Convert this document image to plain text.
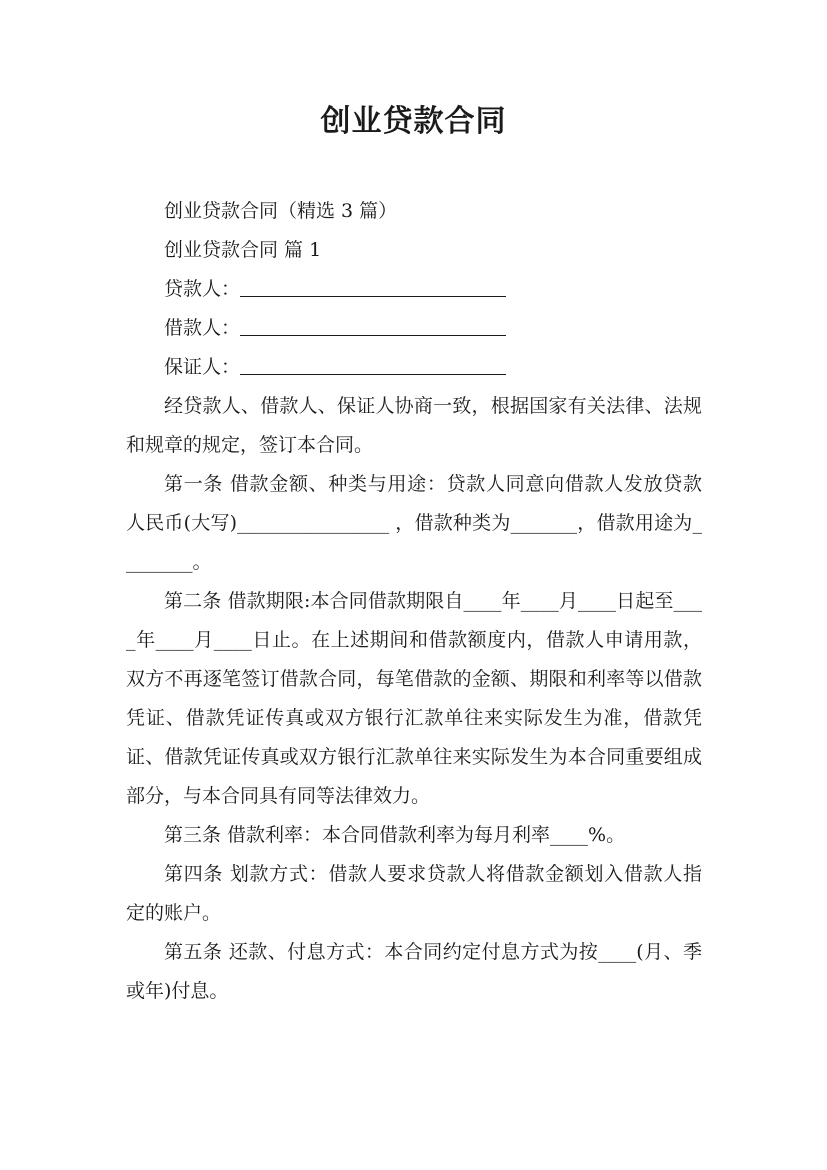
创业贷款合同

创业贷款合同（精选 3 篇）

创业贷款合同 篇 1

贷款人：

借款人：

保证人：

经贷款人、借款人、保证人协商一致，根据国家有关法律、法规和规章的规定，签订本合同。

第一条 借款金额、种类与用途：贷款人同意向借款人发放贷款人民币(大写)________________ ，借款种类为_______，借款用途为________。

第二条 借款期限:本合同借款期限自____年____月____日起至____年____月____日止。在上述期间和借款额度内，借款人申请用款，双方不再逐笔签订借款合同，每笔借款的金额、期限和利率等以借款凭证、借款凭证传真或双方银行汇款单往来实际发生为准，借款凭证、借款凭证传真或双方银行汇款单往来实际发生为本合同重要组成部分，与本合同具有同等法律效力。

第三条 借款利率：本合同借款利率为每月利率____%。

第四条 划款方式：借款人要求贷款人将借款金额划入借款人指定的账户。

第五条 还款、付息方式：本合同约定付息方式为按____(月、季或年)付息。
